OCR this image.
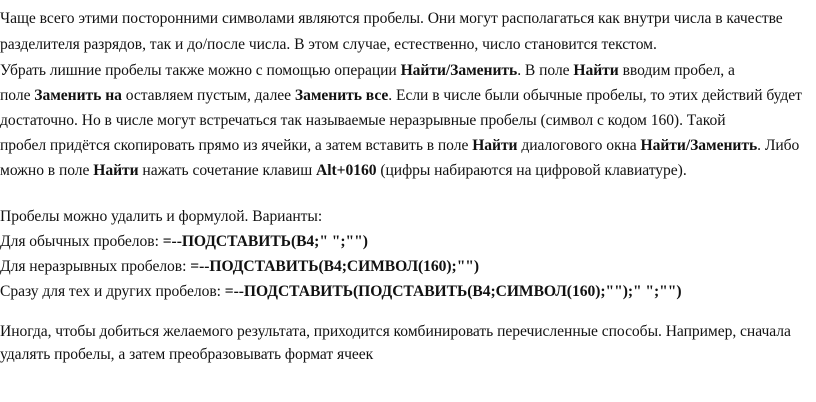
Чаще всего этими посторонними символами являются пробелы. Они могут располагаться как внутри числа в качестве
разделителя разрядов, так и до/после числа. В этом случае, естественно, число становится текстом.
Убрать лишние пробелы также можно с помощью операции Найти/Заменить. В поле Найти вводим пробел, а
поле Заменить на оставляем пустым, далее Заменить все. Если в числе были обычные пробелы, то этих действий будет
достаточно. Но в числе могут встречаться так называемые неразрывные пробелы (символ с кодом 160). Такой
пробел придётся скопировать прямо из ячейки, а затем вставить в поле Найти диалогового окна Найти/Заменить. Либо
можно в поле Найти нажать сочетание клавиш Alt+0160 (цифры набираются на цифровой клавиатуре).
Пробелы можно удалить и формулой. Варианты:
Для обычных пробелов: =--ПОДСТАВИТЬ(B4;" ";"")
Для неразрывных пробелов: =--ПОДСТАВИТЬ(B4;СИМВОЛ(160);"")
Сразу для тех и других пробелов: =--ПОДСТАВИТЬ(ПОДСТАВИТЬ(B4;СИМВОЛ(160);"");" ";"")
Иногда, чтобы добиться желаемого результата, приходится комбинировать перечисленные способы. Например, сначала
удалять пробелы, а затем преобразовывать формат ячеек
